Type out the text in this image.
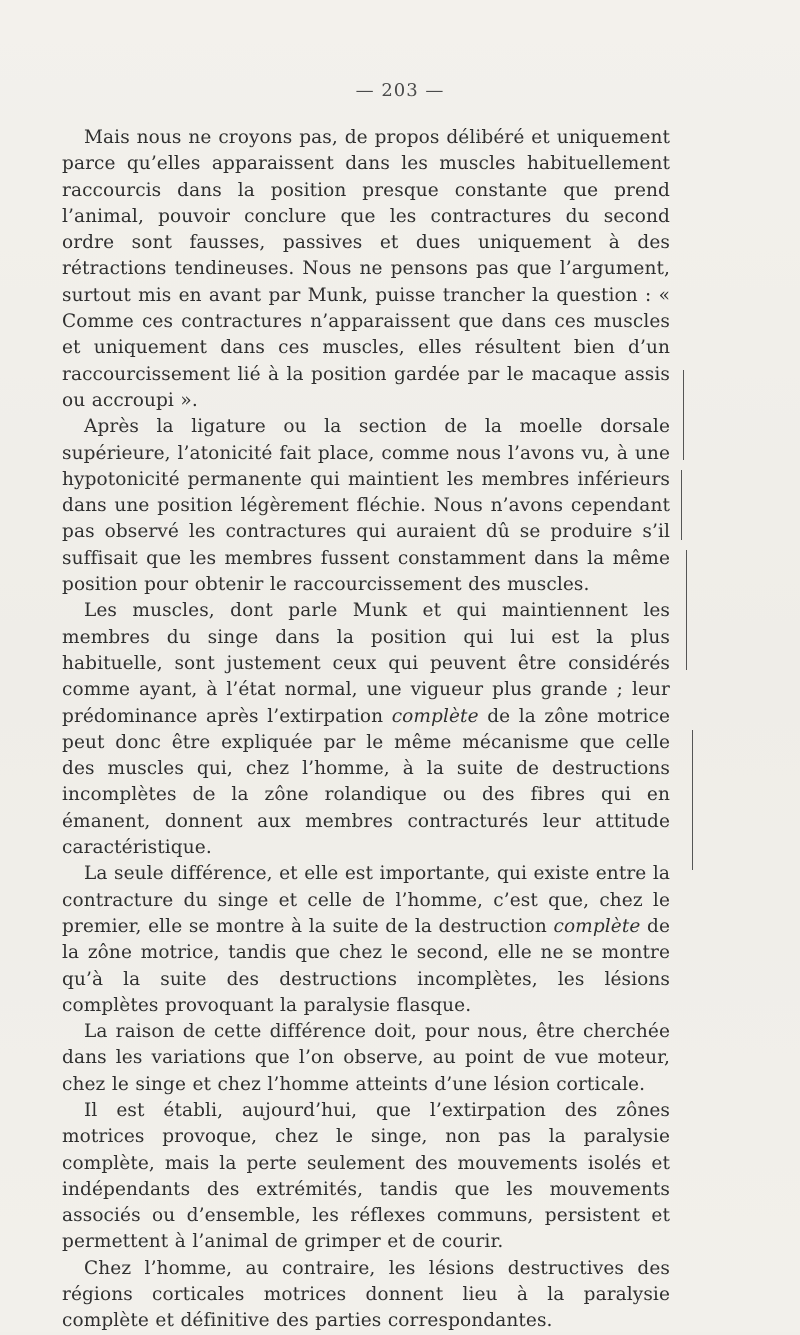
— 203 —

Mais nous ne croyons pas, de propos délibéré et uniquement parce qu’elles apparaissent dans les muscles habituellement raccourcis dans la position presque constante que prend l’animal, pouvoir conclure que les contractures du second ordre sont fausses, passives et dues uniquement à des rétractions tendineuses. Nous ne pensons pas que l’argument, surtout mis en avant par Munk, puisse trancher la question : « Comme ces contractures n’apparaissent que dans ces muscles et uniquement dans ces muscles, elles résultent bien d’un raccourcissement lié à la position gardée par le macaque assis ou accroupi ».

Après la ligature ou la section de la moelle dorsale supérieure, l’atonicité fait place, comme nous l’avons vu, à une hypotonicité permanente qui maintient les membres inférieurs dans une position légèrement fléchie. Nous n’avons cependant pas observé les contractures qui auraient dû se produire s’il suffisait que les membres fussent constamment dans la même position pour obtenir le raccourcissement des muscles.

Les muscles, dont parle Munk et qui maintiennent les membres du singe dans la position qui lui est la plus habituelle, sont justement ceux qui peuvent être considérés comme ayant, à l’état normal, une vigueur plus grande ; leur prédominance après l’extirpation complète de la zône motrice peut donc être expliquée par le même mécanisme que celle des muscles qui, chez l’homme, à la suite de destructions incomplètes de la zône rolandique ou des fibres qui en émanent, donnent aux membres contracturés leur attitude caractéristique.

La seule différence, et elle est importante, qui existe entre la contracture du singe et celle de l’homme, c’est que, chez le premier, elle se montre à la suite de la destruction complète de la zône motrice, tandis que chez le second, elle ne se montre qu’à la suite des destructions incomplètes, les lésions complètes provoquant la paralysie flasque.

La raison de cette différence doit, pour nous, être cherchée dans les variations que l’on observe, au point de vue moteur, chez le singe et chez l’homme atteints d’une lésion corticale.

Il est établi, aujourd’hui, que l’extirpation des zônes motrices provoque, chez le singe, non pas la paralysie complète, mais la perte seulement des mouvements isolés et indépendants des extrémités, tandis que les mouvements associés ou d’ensemble, les réflexes communs, persistent et permettent à l’animal de grimper et de courir.

Chez l’homme, au contraire, les lésions destructives des régions corticales motrices donnent lieu à la paralysie complète et définitive des parties correspondantes.
